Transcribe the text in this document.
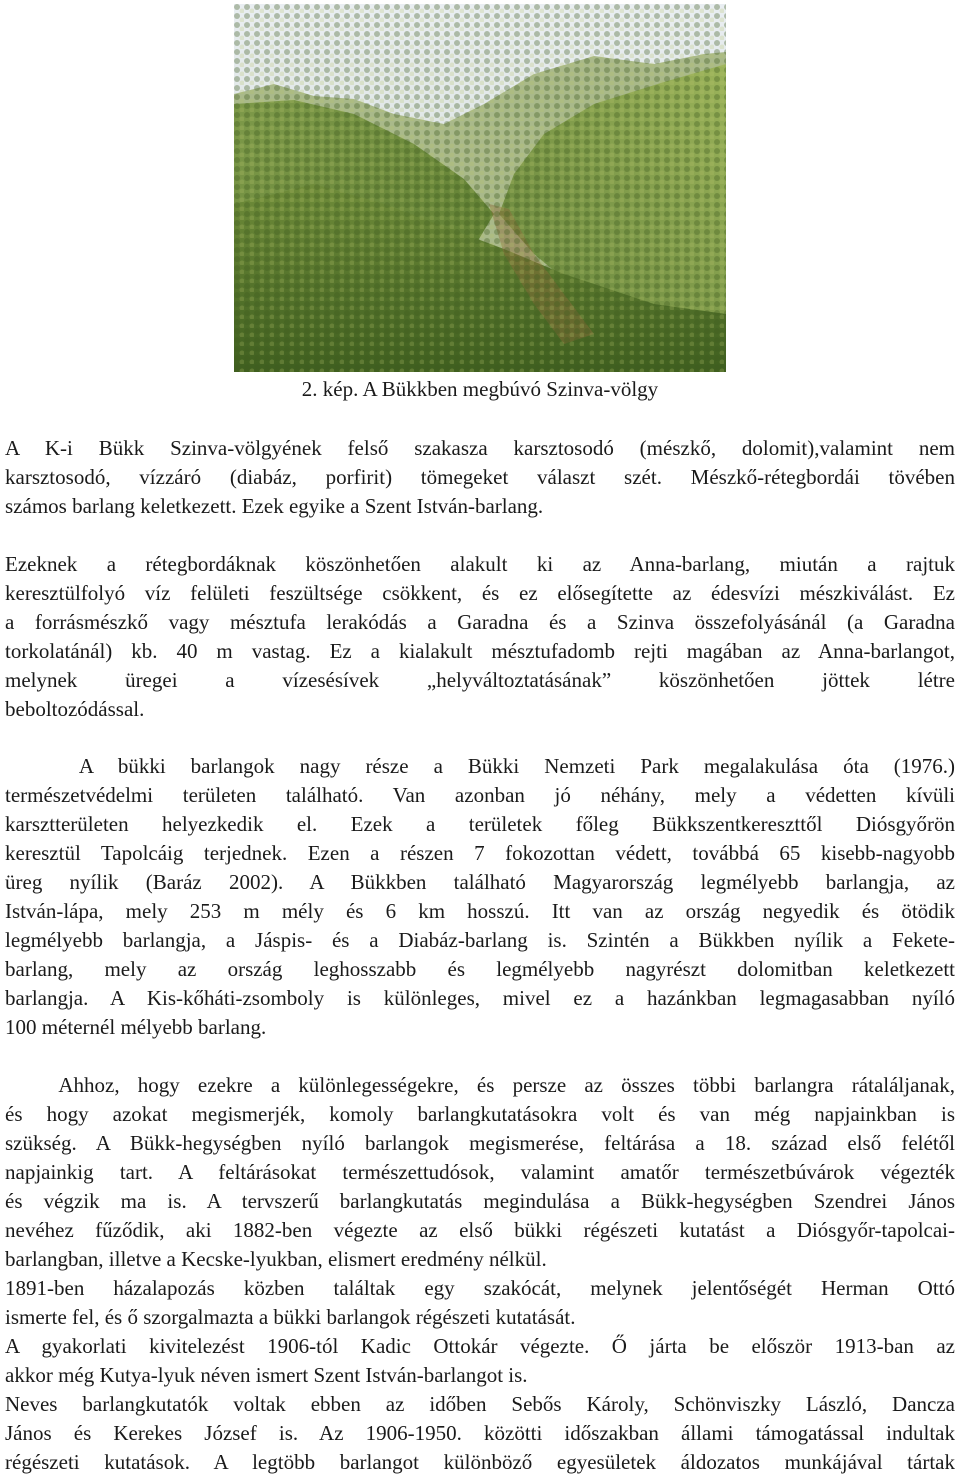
2. kép. A Bükkben megbúvó Szinva-völgy
A K-i Bükk Szinva-völgyének felső szakasza karsztosodó (mészkő, dolomit),valamint nem
karsztosodó, vízzáró (diabáz, porfirit) tömegeket választ szét. Mészkő-rétegbordái tövében
számos barlang keletkezett. Ezek egyike a Szent István-barlang.
Ezeknek a rétegbordáknak köszönhetően alakult ki az Anna-barlang, miután a rajtuk
keresztülfolyó víz felületi feszültsége csökkent, és ez elősegítette az édesvízi mészkiválást. Ez
a forrásmészkő vagy mésztufa lerakódás a Garadna és a Szinva összefolyásánál (a Garadna
torkolatánál) kb. 40 m vastag. Ez a kialakult mésztufadomb rejti magában az Anna-barlangot,
melynek üregei a vízesésívek „helyváltoztatásának” köszönhetően jöttek létre
beboltozódással.
A bükki barlangok nagy része a Bükki Nemzeti Park megalakulása óta (1976.)
természetvédelmi területen található. Van azonban jó néhány, mely a védetten kívüli
karsztterületen helyezkedik el. Ezek a területek főleg Bükkszentkereszttől Diósgyőrön
keresztül Tapolcáig terjednek. Ezen a részen 7 fokozottan védett, továbbá 65 kisebb-nagyobb
üreg nyílik (Baráz 2002). A Bükkben található Magyarország legmélyebb barlangja, az
István-lápa, mely 253 m mély és 6 km hosszú. Itt van az ország negyedik és ötödik
legmélyebb barlangja, a Jáspis- és a Diabáz-barlang is. Szintén a Bükkben nyílik a Fekete-
barlang, mely az ország leghosszabb és legmélyebb nagyrészt dolomitban keletkezett
barlangja. A Kis-kőháti-zsomboly is különleges, mivel ez a hazánkban legmagasabban nyíló
100 méternél mélyebb barlang.
Ahhoz, hogy ezekre a különlegességekre, és persze az összes többi barlangra rátaláljanak,
és hogy azokat megismerjék, komoly barlangkutatásokra volt és van még napjainkban is
szükség. A Bükk-hegységben nyíló barlangok megismerése, feltárása a 18. század első felétől
napjainkig tart. A feltárásokat természettudósok, valamint amatőr természetbúvárok végezték
és végzik ma is. A tervszerű barlangkutatás megindulása a Bükk-hegységben Szendrei János
nevéhez fűződik, aki 1882-ben végezte az első bükki régészeti kutatást a Diósgyőr-tapolcai-
barlangban, illetve a Kecske-lyukban, elismert eredmény nélkül.
1891-ben házalapozás közben találtak egy szakócát, melynek jelentőségét Herman Ottó
ismerte fel, és ő szorgalmazta a bükki barlangok régészeti kutatását.
A gyakorlati kivitelezést 1906-tól Kadic Ottokár végezte. Ő járta be először 1913-ban az
akkor még Kutya-lyuk néven ismert Szent István-barlangot is.
Neves barlangkutatók voltak ebben az időben Sebős Károly, Schönviszky László, Dancza
János és Kerekes József is. Az 1906-1950. közötti időszakban állami támogatással indultak
régészeti kutatások. A legtöbb barlangot különböző egyesületek áldozatos munkájával tártak
